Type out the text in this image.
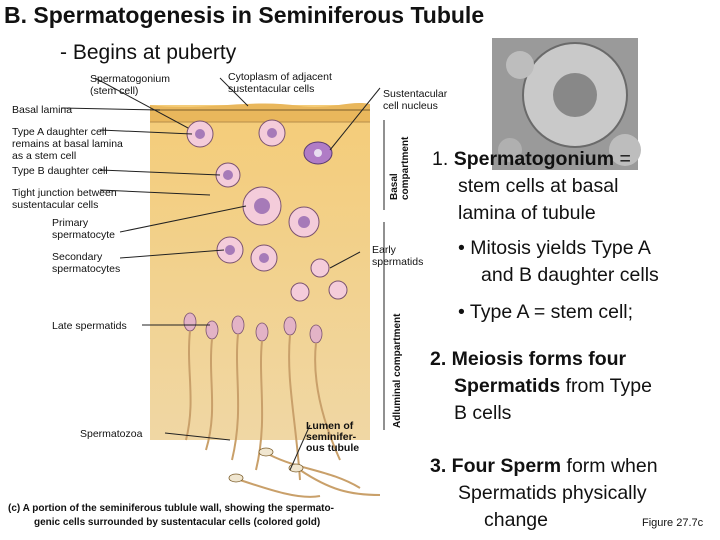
B. Spermatogenesis in Seminiferous Tubule
- Begins at puberty
Spermatogonium
(stem cell)
Cytoplasm of adjacent
sustentacular cells	Sustentacular
cell nucleus
Basal lamina
Type A daughter cell
remains at basal lamina
as a stem cell
Type B daughter cell
Tight junction between
sustentacular cells
Primary
spermatocyte
Secondary
spermatocytes
Early
spermatids
Late spermatids
Spermatozoa
Lumen of
seminifer-
ous tubule
Basal
compartment
Adluminal compartment
1. Spermatogonium =
stem cells at basal
lamina of tubule
• Mitosis yields Type A
and B daughter cells
• Type A = stem cell;
2. Meiosis forms four
Spermatids from Type
B cells
3. Four Sperm form when
Spermatids physically
change
(c) A portion of the seminiferous tublule wall, showing the spermato-
genic cells surrounded by sustentacular cells (colored gold)	Figure 27.7c
